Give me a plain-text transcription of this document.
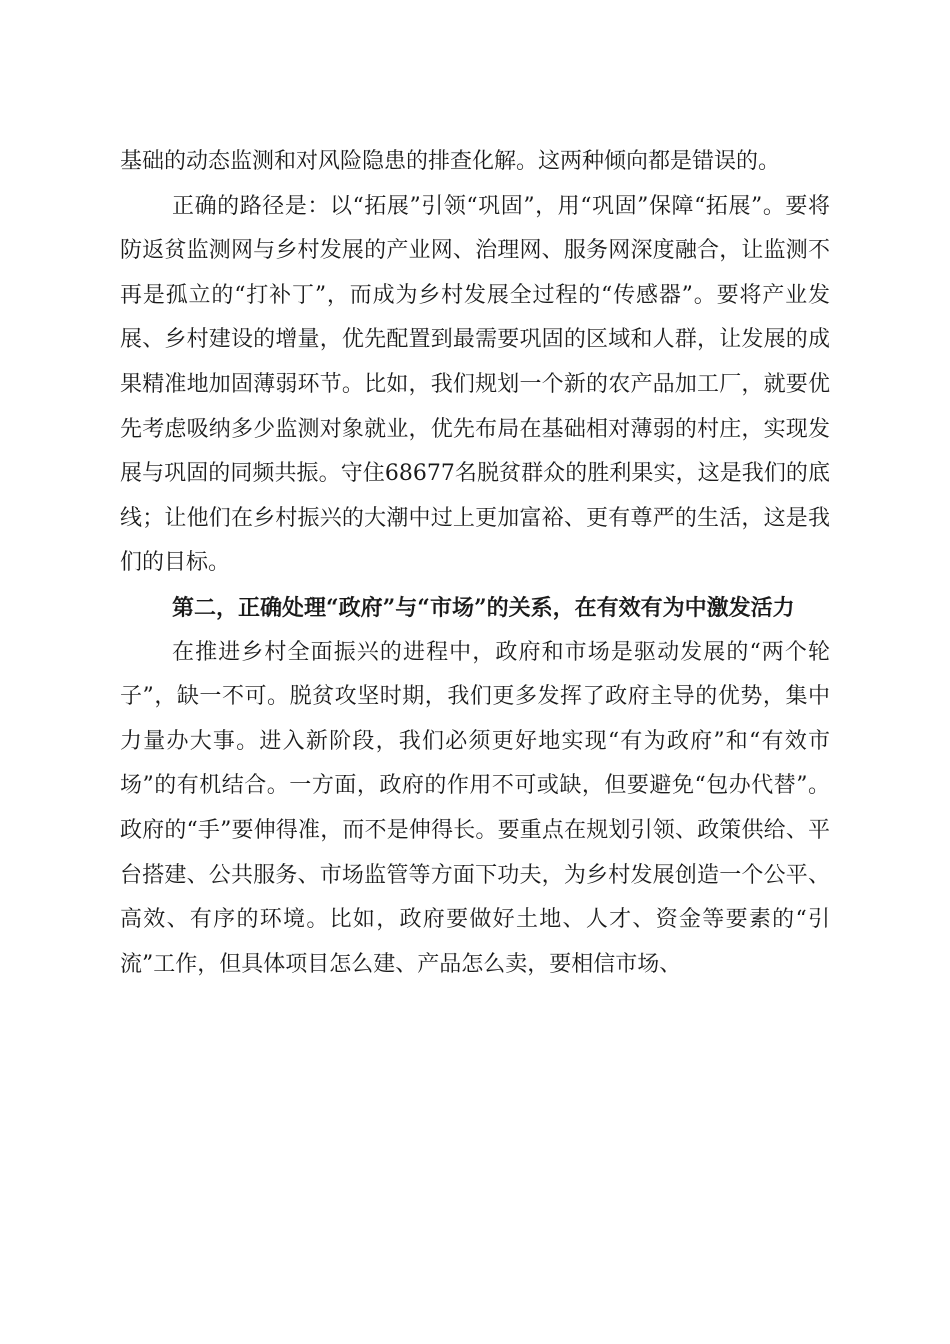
基础的动态监测和对风险隐患的排查化解。这两种倾向都是错误的。

正确的路径是：以“拓展”引领“巩固”，用“巩固”保障“拓展”。要将防返贫监测网与乡村发展的产业网、治理网、服务网深度融合，让监测不再是孤立的“打补丁”，而成为乡村发展全过程的“传感器”。要将产业发展、乡村建设的增量，优先配置到最需要巩固的区域和人群，让发展的成果精准地加固薄弱环节。比如，我们规划一个新的农产品加工厂，就要优先考虑吸纳多少监测对象就业，优先布局在基础相对薄弱的村庄，实现发展与巩固的同频共振。守住68677名脱贫群众的胜利果实，这是我们的底线；让他们在乡村振兴的大潮中过上更加富裕、更有尊严的生活，这是我们的目标。

第二，正确处理“政府”与“市场”的关系，在有效有为中激发活力

在推进乡村全面振兴的进程中，政府和市场是驱动发展的“两个轮子”，缺一不可。脱贫攻坚时期，我们更多发挥了政府主导的优势，集中力量办大事。进入新阶段，我们必须更好地实现“有为政府”和“有效市场”的有机结合。一方面，政府的作用不可或缺，但要避免“包办代替”。政府的“手”要伸得准，而不是伸得长。要重点在规划引领、政策供给、平台搭建、公共服务、市场监管等方面下功夫，为乡村发展创造一个公平、高效、有序的环境。比如，政府要做好土地、人才、资金等要素的“引流”工作，但具体项目怎么建、产品怎么卖，要相信市场、
